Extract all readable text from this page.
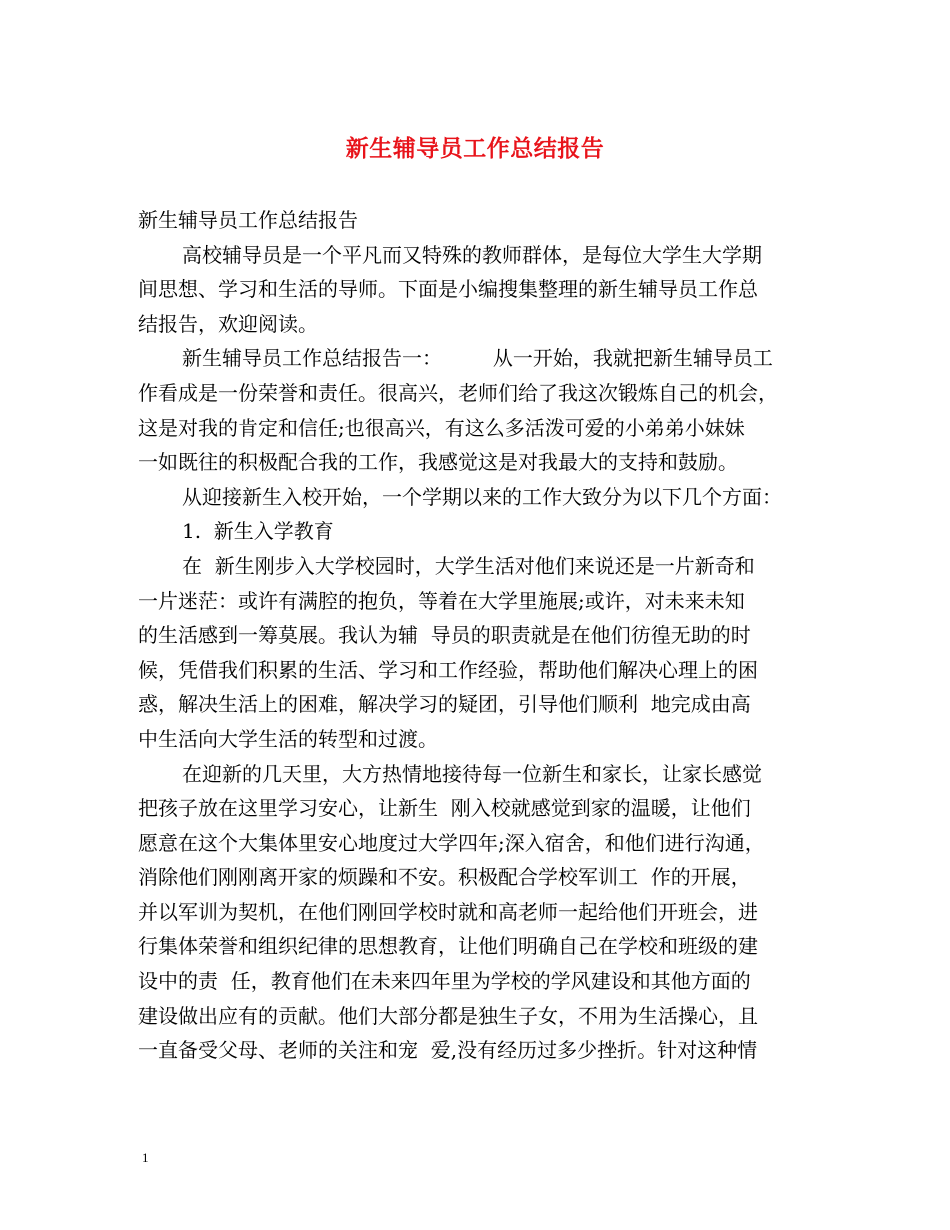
新生辅导员工作总结报告
新生辅导员工作总结报告
高校辅导员是一个平凡而又特殊的教师群体，是每位大学生大学期
间思想、学习和生活的导师。下面是小编搜集整理的新生辅导员工作总
结报告，欢迎阅读。
新生辅导员工作总结报告一：        从一开始，我就把新生辅导员工
作看成是一份荣誉和责任。很高兴，老师们给了我这次锻炼自己的机会，
这是对我的肯定和信任;也很高兴，有这么多活泼可爱的小弟弟小妹妹
一如既往的积极配合我的工作，我感觉这是对我最大的支持和鼓励。
从迎接新生入校开始，一个学期以来的工作大致分为以下几个方面：
1.  新生入学教育
在  新生刚步入大学校园时，大学生活对他们来说还是一片新奇和
一片迷茫：或许有满腔的抱负，等着在大学里施展;或许，对未来未知
的生活感到一筹莫展。我认为辅  导员的职责就是在他们彷徨无助的时
候，凭借我们积累的生活、学习和工作经验，帮助他们解决心理上的困
惑，解决生活上的困难，解决学习的疑团，引导他们顺利  地完成由高
中生活向大学生活的转型和过渡。
在迎新的几天里，大方热情地接待每一位新生和家长，让家长感觉
把孩子放在这里学习安心，让新生  刚入校就感觉到家的温暖，让他们
愿意在这个大集体里安心地度过大学四年;深入宿舍，和他们进行沟通，
消除他们刚刚离开家的烦躁和不安。积极配合学校军训工  作的开展，
并以军训为契机，在他们刚回学校时就和高老师一起给他们开班会，进
行集体荣誉和组织纪律的思想教育，让他们明确自己在学校和班级的建
设中的责  任，教育他们在未来四年里为学校的学风建设和其他方面的
建设做出应有的贡献。他们大部分都是独生子女，不用为生活操心，且
一直备受父母、老师的关注和宠  爱,没有经历过多少挫折。针对这种情
1
